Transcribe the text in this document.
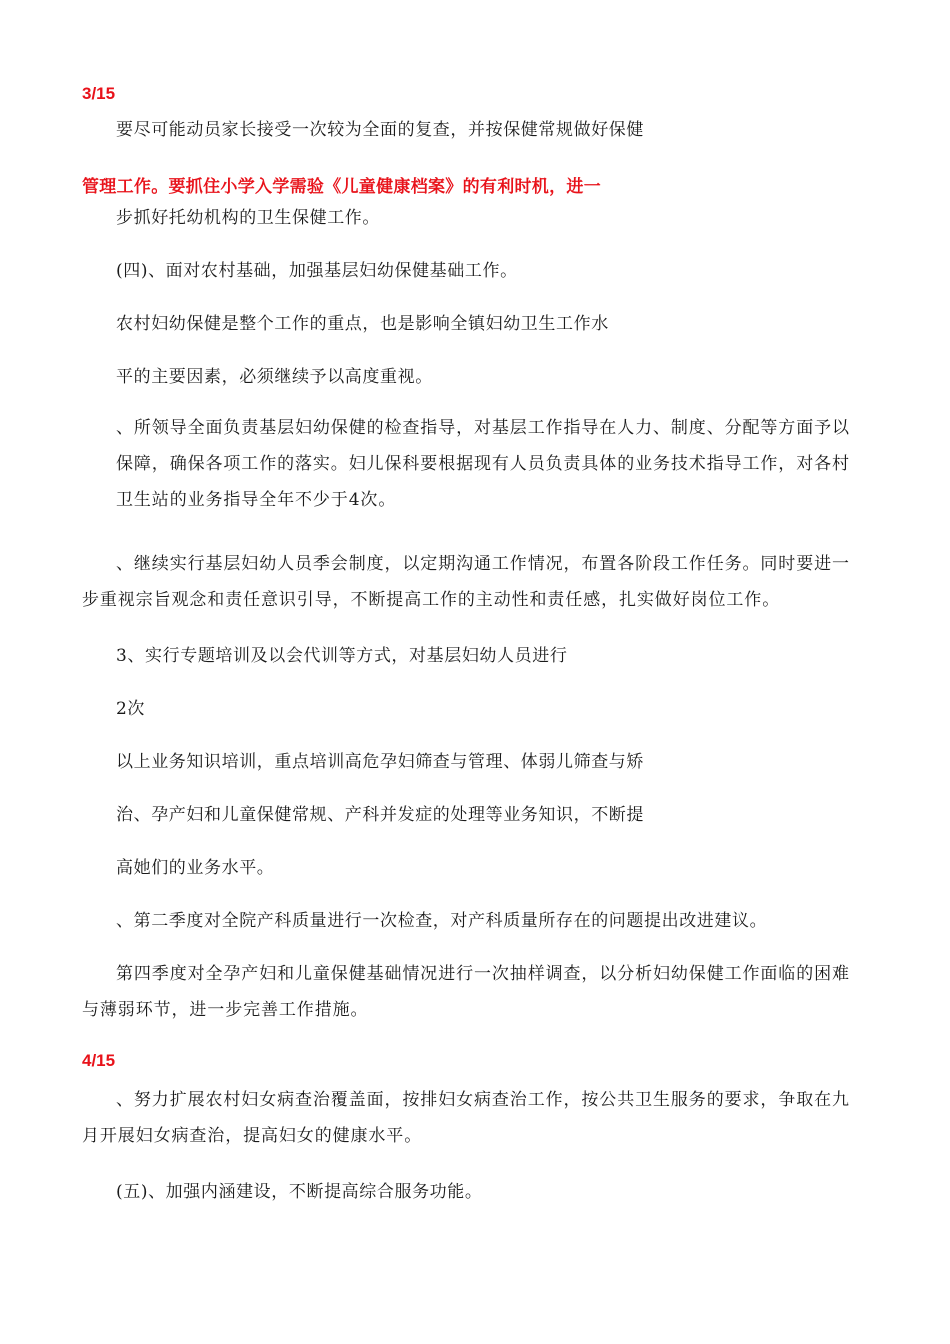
3/15
要尽可能动员家长接受一次较为全面的复查，并按保健常规做好保健
管理工作。要抓住小学入学需验《儿童健康档案》的有利时机，进一
步抓好托幼机构的卫生保健工作。
(四)、面对农村基础，加强基层妇幼保健基础工作。
农村妇幼保健是整个工作的重点，也是影响全镇妇幼卫生工作水
平的主要因素，必须继续予以高度重视。
、所领导全面负责基层妇幼保健的检查指导，对基层工作指导在人力、制度、分配等方面予以保障，确保各项工作的落实。妇儿保科要根据现有人员负责具体的业务技术指导工作，对各村卫生站的业务指导全年不少于4次。
、继续实行基层妇幼人员季会制度，以定期沟通工作情况，布置各阶段工作任务。同时要进一步重视宗旨观念和责任意识引导，不断提高工作的主动性和责任感，扎实做好岗位工作。
3、实行专题培训及以会代训等方式，对基层妇幼人员进行
2次
以上业务知识培训，重点培训高危孕妇筛查与管理、体弱儿筛查与矫
治、孕产妇和儿童保健常规、产科并发症的处理等业务知识，不断提
高她们的业务水平。
、第二季度对全院产科质量进行一次检查，对产科质量所存在的问题提出改进建议。
第四季度对全孕产妇和儿童保健基础情况进行一次抽样调查，以分析妇幼保健工作面临的困难与薄弱环节，进一步完善工作措施。
4/15
、努力扩展农村妇女病查治覆盖面，按排妇女病查治工作，按公共卫生服务的要求，争取在九月开展妇女病查治，提高妇女的健康水平。
(五)、加强内涵建设，不断提高综合服务功能。
